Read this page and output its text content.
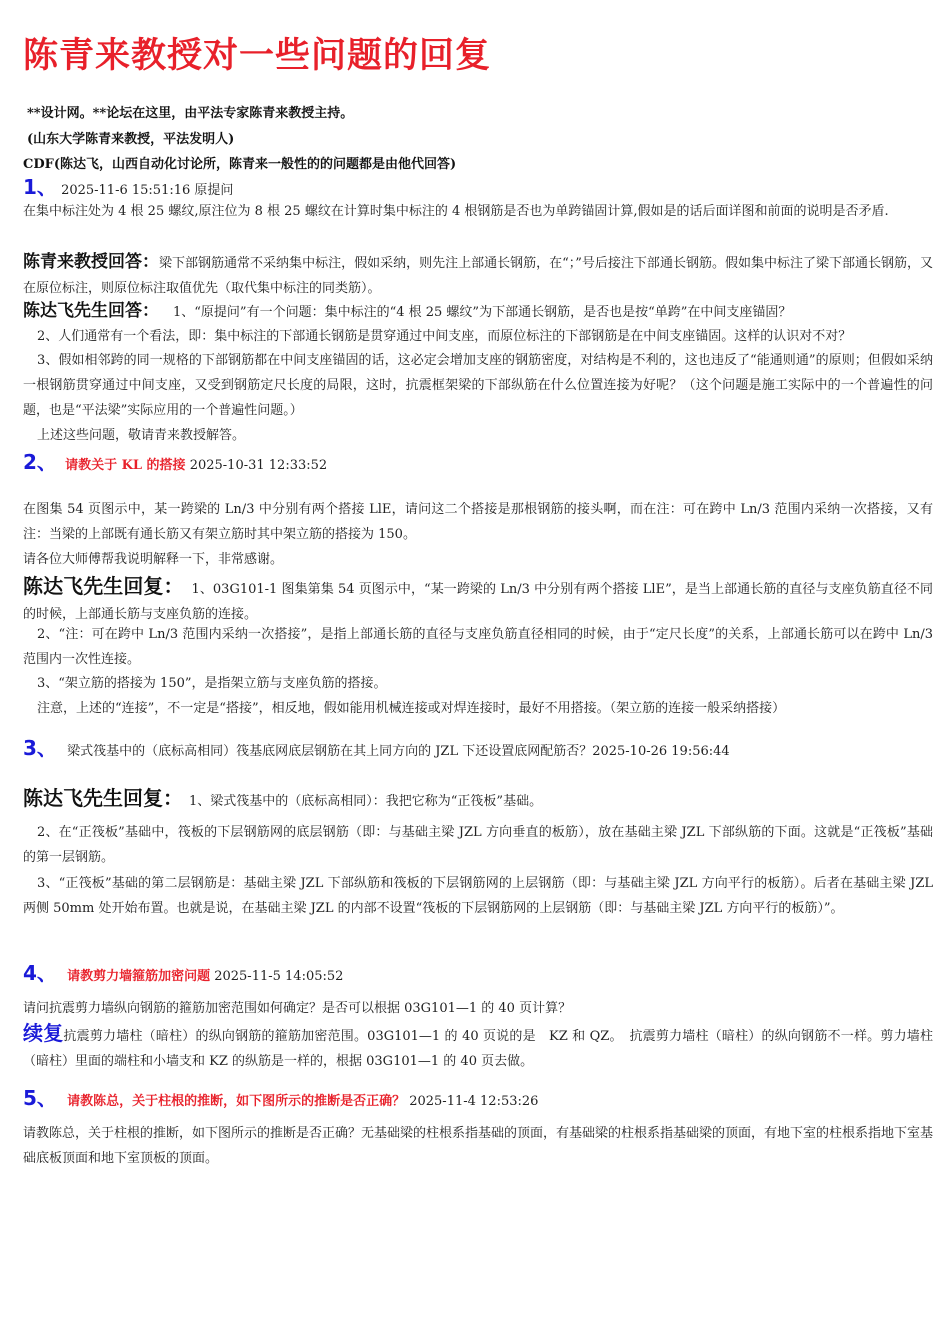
陈青来教授对一些问题的回复
**设计网。**论坛在这里，由平法专家陈青来教授主持。
(山东大学陈青来教授，平法发明人)
CDF(陈达飞，山西自动化讨论所，陈青来一般性的的问题都是由他代回答)
1、 2025-11-6 15:51:16 原提问
在集中标注处为 4 根 25 螺纹,原注位为 8 根 25 螺纹在计算时集中标注的 4 根钢筋是否也为单跨锚固计算,假如是的话后面详图和前面的说明是否矛盾.
陈青来教授回答：梁下部钢筋通常不采纳集中标注，假如采纳，则先注上部通长钢筋，在“；”号后接注下部通长钢筋。假如集中标注了梁下部通长钢筋，又在原位标注，则原位标注取值优先（取代集中标注的同类筋）。
陈达飞先生回答： 1、“原提问”有一个问题：集中标注的“4 根 25 螺纹”为下部通长钢筋，是否也是按“单跨”在中间支座锚固？
2、人们通常有一个看法，即：集中标注的下部通长钢筋是贯穿通过中间支座，而原位标注的下部钢筋是在中间支座锚固。这样的认识对不对？
3、假如相邻跨的同一规格的下部钢筋都在中间支座锚固的话，这必定会增加支座的钢筋密度，对结构是不利的，这也违反了“能通则通”的原则；但假如采纳一根钢筋贯穿通过中间支座，又受到钢筋定尺长度的局限，这时，抗震框架梁的下部纵筋在什么位置连接为好呢？（这个问题是施工实际中的一个普遍性的问题，也是“平法梁”实际应用的一个普遍性问题。）
上述这些问题，敬请青来教授解答。
2、 请教关于 KL 的搭接 2025-10-31 12:33:52
在图集 54 页图示中，某一跨梁的 Ln/3 中分别有两个搭接 LlE，请问这二个搭接是那根钢筋的接头啊，而在注：可在跨中 Ln/3 范围内采纳一次搭接，又有注：当梁的上部既有通长筋又有架立筋时其中架立筋的搭接为 150。
请各位大师傅帮我说明解释一下，非常感谢。
陈达飞先生回复： 1、03G101-1 图集第集 54 页图示中，“某一跨梁的 Ln/3 中分别有两个搭接 LlE”，是当上部通长筋的直径与支座负筋直径不同的时候，上部通长筋与支座负筋的连接。
2、“注：可在跨中 Ln/3 范围内采纳一次搭接”，是指上部通长筋的直径与支座负筋直径相同的时候，由于“定尺长度”的关系，上部通长筋可以在跨中 Ln/3 范围内一次性连接。
3、“架立筋的搭接为 150”，是指架立筋与支座负筋的搭接。
注意，上述的“连接”，不一定是“搭接”，相反地，假如能用机械连接或对焊连接时，最好不用搭接。（架立筋的连接一般采纳搭接）
3、 梁式筏基中的（底标高相同）筏基底网底层钢筋在其上同方向的 JZL 下还设置底网配筋否？2025-10-26 19:56:44
陈达飞先生回复： 1、梁式筏基中的（底标高相同）：我把它称为“正筏板”基础。
2、在“正筏板”基础中，筏板的下层钢筋网的底层钢筋（即：与基础主梁 JZL 方向垂直的板筋），放在基础主梁 JZL 下部纵筋的下面。这就是“正筏板”基础的第一层钢筋。
3、“正筏板”基础的第二层钢筋是：基础主梁 JZL 下部纵筋和筏板的下层钢筋网的上层钢筋（即：与基础主梁 JZL 方向平行的板筋）。后者在基础主梁 JZL 两侧 50mm 处开始布置。也就是说，在基础主梁 JZL 的内部不设置“筏板的下层钢筋网的上层钢筋（即：与基础主梁 JZL 方向平行的板筋）”。
4、 请教剪力墙箍筋加密问题 2025-11-5 14:05:52
请问抗震剪力墙纵向钢筋的箍筋加密范围如何确定？是否可以根据 03G101—1 的 40 页计算？
续复抗震剪力墙柱（暗柱）的纵向钢筋的箍筋加密范围。03G101—1 的 40 页说的是　KZ 和 QZ。　抗震剪力墙柱（暗柱）的纵向钢筋不一样。剪力墙柱（暗柱）里面的端柱和小墙支和 KZ 的纵筋是一样的，根据 03G101—1 的 40 页去做。
5、 请教陈总，关于柱根的推断，如下图所示的推断是否正确？ 2025-11-4 12:53:26
请教陈总，关于柱根的推断，如下图所示的推断是否正确？无基础梁的柱根系指基础的顶面，有基础梁的柱根系指基础梁的顶面，有地下室的柱根系指地下室基础底板顶面和地下室顶板的顶面。
